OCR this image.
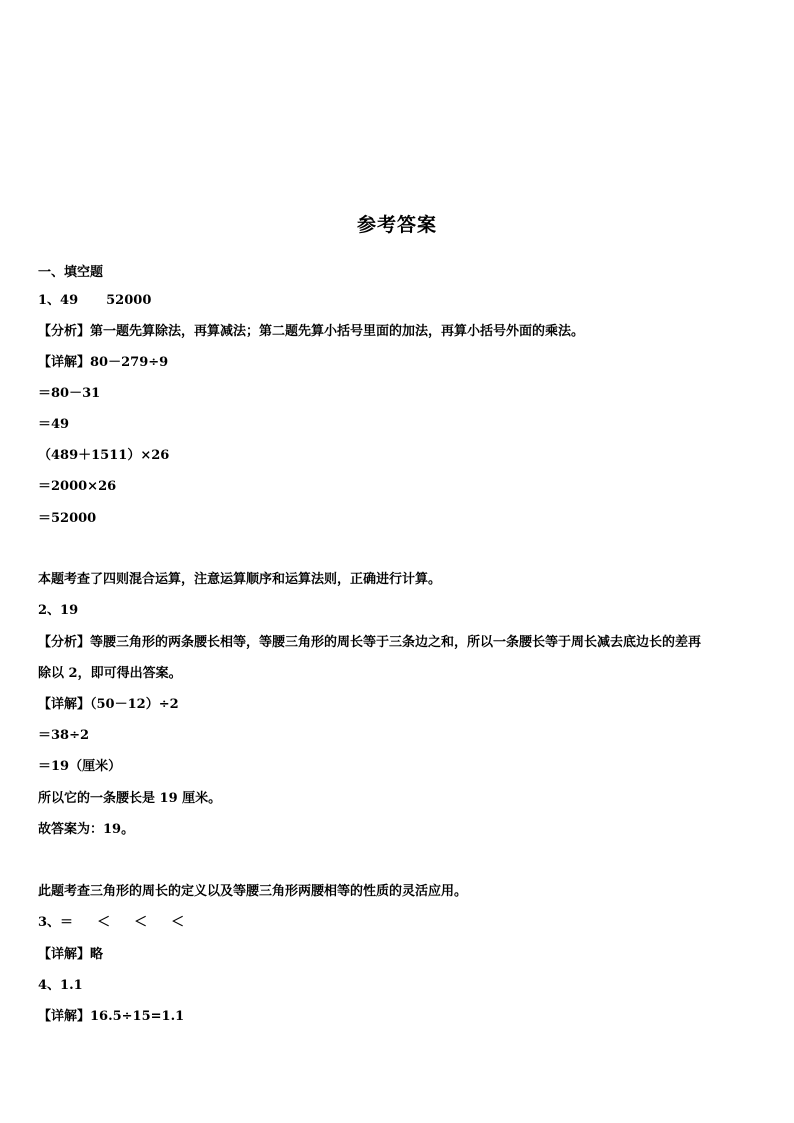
参考答案
一、填空题
1、49 52000
【分析】第一题先算除法，再算减法；第二题先算小括号里面的加法，再算小括号外面的乘法。
【详解】80－279÷9
＝80－31
＝49
（489＋1511）×26
＝2000×26
＝52000
本题考查了四则混合运算，注意运算顺序和运算法则，正确进行计算。
2、19
【分析】等腰三角形的两条腰长相等，等腰三角形的周长等于三条边之和，所以一条腰长等于周长减去底边长的差再
除以 2，即可得出答案。
【详解】（50－12）÷2
＝38÷2
＝19（厘米）
所以它的一条腰长是 19 厘米。
故答案为：19。
此题考查三角形的周长的定义以及等腰三角形两腰相等的性质的灵活应用。
3、＝ ＜ ＜ ＜
【详解】略
4、1.1
【详解】16.5÷15=1.1
